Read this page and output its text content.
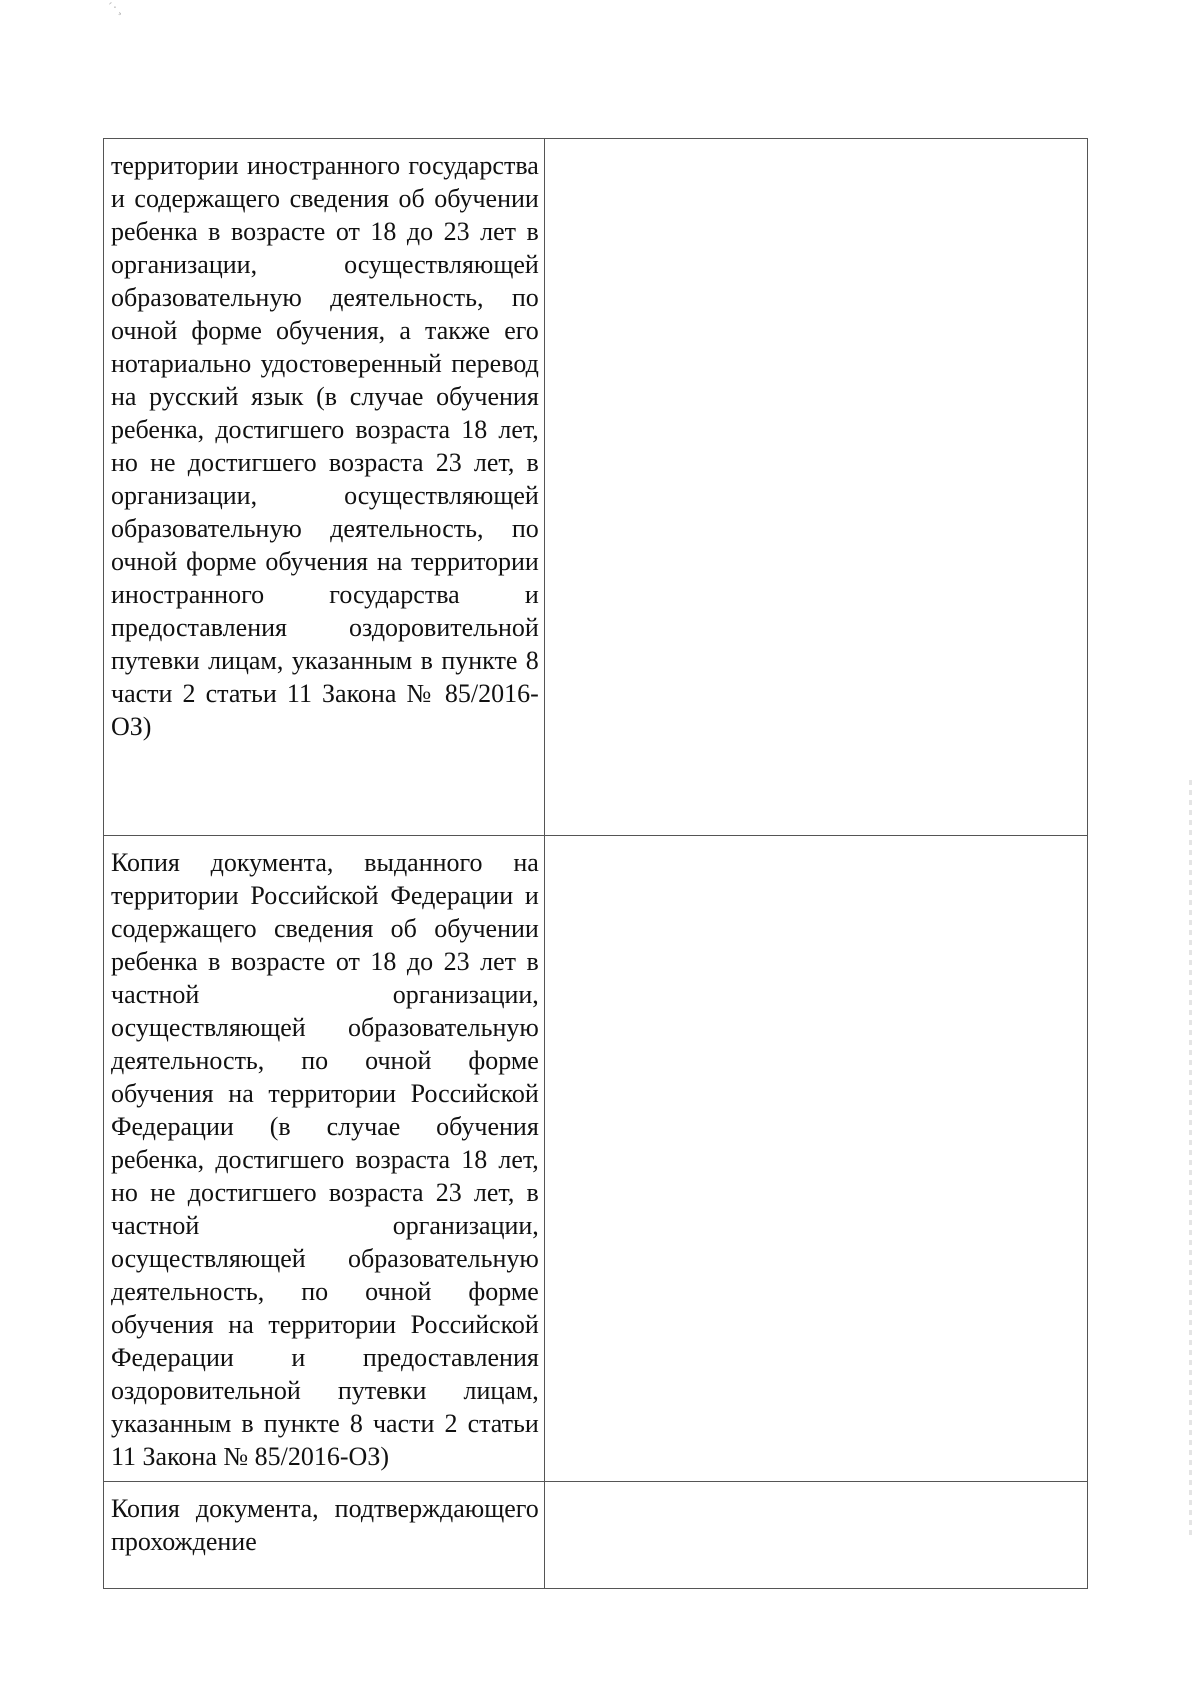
´·¸

территории иностранного государства и содержащего сведения об обучении ребенка в возрасте от 18 до 23 лет в организации, осуществляющей образовательную деятельность, по очной форме обучения, а также его нотариально удостоверенный перевод на русский язык (в случае обучения ребенка, достигшего возраста 18 лет, но не достигшего возраста 23 лет, в организации, осуществляющей образовательную деятельность, по очной форме обучения на территории иностранного государства и предоставления оздоровительной путевки лицам, указанным в пункте 8 части 2 статьи 11 Закона № 85/2016-ОЗ)	

Копия документа, выданного на территории Российской Федерации и содержащего сведения об обучении ребенка в возрасте от 18 до 23 лет в частной организации, осуществляющей образовательную деятельность, по очной форме обучения на территории Российской Федерации (в случае обучения ребенка, достигшего возраста 18 лет, но не достигшего возраста 23 лет, в частной организации, осуществляющей образовательную деятельность, по очной форме обучения на территории Российской Федерации и предоставления оздоровительной путевки лицам, указанным в пункте 8 части 2 статьи 11 Закона № 85/2016-ОЗ)	

Копия документа, подтверждающего прохождение	
